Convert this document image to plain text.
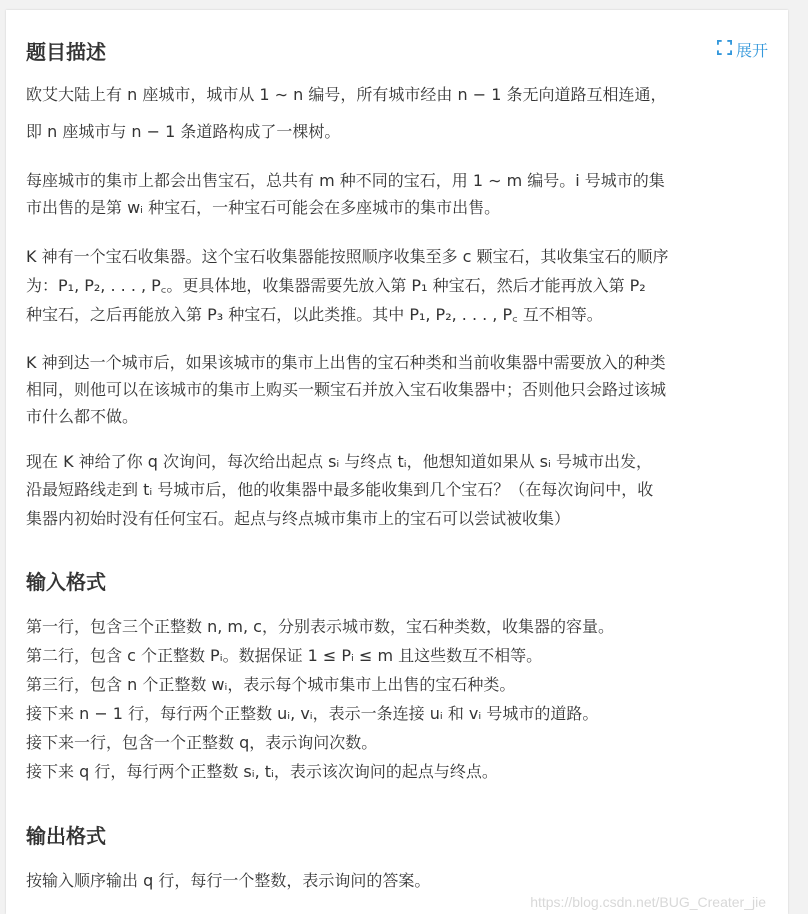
题目描述	展开

欧艾大陆上有 n 座城市，城市从 1 ∼ n 编号，所有城市经由 n − 1 条无向道路互相连通，

即 n 座城市与 n − 1 条道路构成了一棵树。

每座城市的集市上都会出售宝石，总共有 m 种不同的宝石，用 1 ∼ m 编号。i 号城市的集

市出售的是第 wᵢ 种宝石，一种宝石可能会在多座城市的集市出售。

K 神有一个宝石收集器。这个宝石收集器能按照顺序收集至多 c 颗宝石，其收集宝石的顺序

为：P₁, P₂, . . . , P꜀。更具体地，收集器需要先放入第 P₁ 种宝石，然后才能再放入第 P₂

种宝石，之后再能放入第 P₃ 种宝石，以此类推。其中 P₁, P₂, . . . , P꜀ 互不相等。

K 神到达一个城市后，如果该城市的集市上出售的宝石种类和当前收集器中需要放入的种类

相同，则他可以在该城市的集市上购买一颗宝石并放入宝石收集器中；否则他只会路过该城

市什么都不做。

现在 K 神给了你 q 次询问，每次给出起点 sᵢ 与终点 tᵢ，他想知道如果从 sᵢ 号城市出发，

沿最短路线走到 tᵢ 号城市后，他的收集器中最多能收集到几个宝石？（在每次询问中，收

集器内初始时没有任何宝石。起点与终点城市集市上的宝石可以尝试被收集）

输入格式

第一行，包含三个正整数 n, m, c，分别表示城市数，宝石种类数，收集器的容量。

第二行，包含 c 个正整数 Pᵢ。数据保证 1 ≤ Pᵢ ≤ m 且这些数互不相等。

第三行，包含 n 个正整数 wᵢ，表示每个城市集市上出售的宝石种类。

接下来 n − 1 行，每行两个正整数 uᵢ, vᵢ，表示一条连接 uᵢ 和 vᵢ 号城市的道路。

接下来一行，包含一个正整数 q，表示询问次数。

接下来 q 行，每行两个正整数 sᵢ, tᵢ，表示该次询问的起点与终点。

输出格式

按输入顺序输出 q 行，每行一个整数，表示询问的答案。

https://blog.csdn.net/BUG_Creater_jie
